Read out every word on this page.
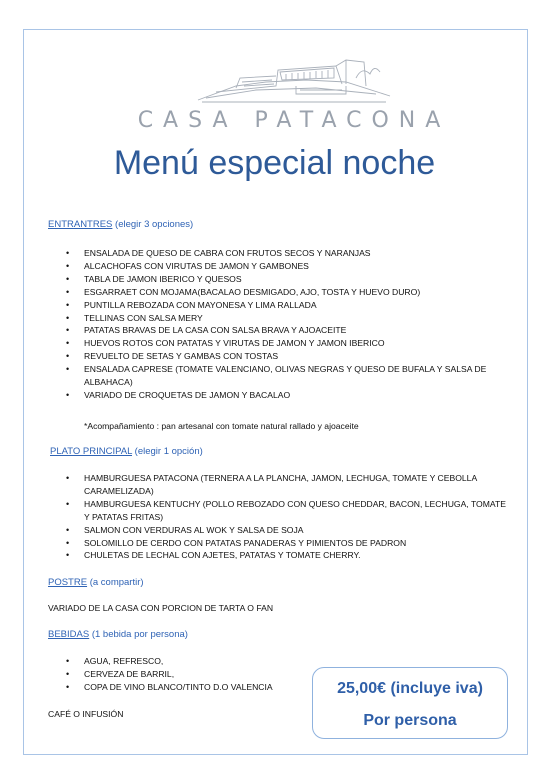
CASA PATACONA
Menú especial noche
ENTRANTRES (elegir 3 opciones)
• ENSALADA DE QUESO DE CABRA CON FRUTOS SECOS Y NARANJAS
• ALCACHOFAS CON VIRUTAS DE JAMON Y GAMBONES
• TABLA DE JAMON IBERICO Y QUESOS
• ESGARRAET CON MOJAMA(BACALAO DESMIGADO, AJO, TOSTA Y HUEVO DURO)
• PUNTILLA REBOZADA CON MAYONESA Y LIMA RALLADA
• TELLINAS CON SALSA MERY
• PATATAS BRAVAS DE LA CASA CON SALSA BRAVA Y AJOACEITE
• HUEVOS ROTOS CON PATATAS Y VIRUTAS DE JAMON Y JAMON IBERICO
• REVUELTO DE SETAS Y GAMBAS CON TOSTAS
• ENSALADA CAPRESE (TOMATE VALENCIANO, OLIVAS NEGRAS Y QUESO DE BUFALA Y SALSA DE ALBAHACA)
• VARIADO DE CROQUETAS DE JAMON Y BACALAO
*Acompañamiento : pan artesanal con tomate natural rallado y ajoaceite
PLATO PRINCIPAL (elegir 1 opción)
• HAMBURGUESA PATACONA (TERNERA A LA PLANCHA, JAMON, LECHUGA, TOMATE Y CEBOLLA CARAMELIZADA)
• HAMBURGUESA KENTUCHY (POLLO REBOZADO CON QUESO CHEDDAR, BACON, LECHUGA, TOMATE Y PATATAS FRITAS)
• SALMON CON VERDURAS AL WOK Y SALSA DE SOJA
• SOLOMILLO DE CERDO CON PATATAS PANADERAS Y PIMIENTOS DE PADRON
• CHULETAS DE LECHAL CON AJETES, PATATAS Y TOMATE CHERRY.
POSTRE (a compartir)
VARIADO DE LA CASA CON PORCION DE TARTA O FAN
BEBIDAS (1 bebida por persona)
• AGUA, REFRESCO,
• CERVEZA DE BARRIL,
• COPA DE VINO BLANCO/TINTO D.O VALENCIA
CAFÉ O INFUSIÓN
25,00€ (incluye iva)
Por persona
